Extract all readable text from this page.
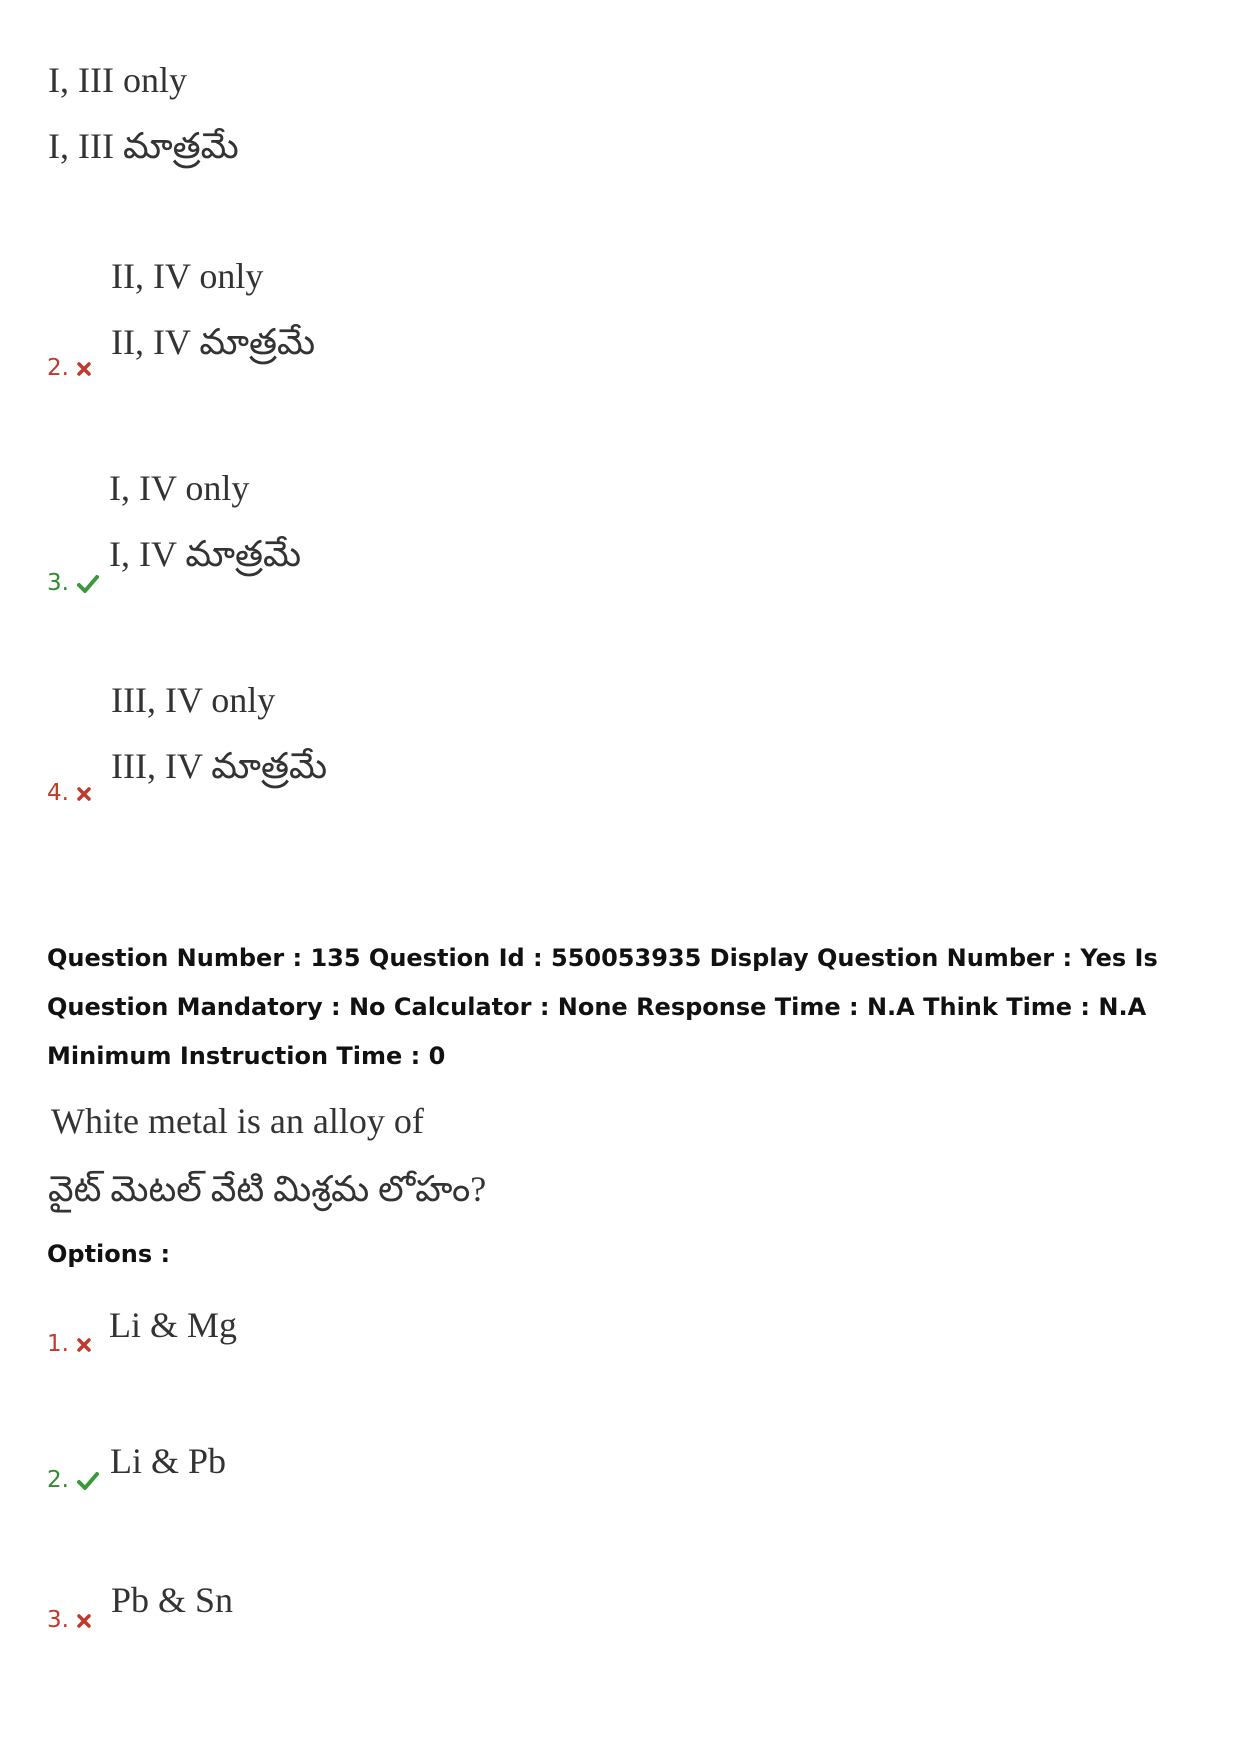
I, III only
I, III మాత్రమే
II, IV only
II, IV మాత్రమే
2.
I, IV only
I, IV మాత్రమే
3.
III, IV only
III, IV మాత్రమే
4.
Question Number : 135 Question Id : 550053935 Display Question Number : Yes Is Question Mandatory : No Calculator : None Response Time : N.A Think Time : N.A Minimum Instruction Time : 0
White metal is an alloy of
వైట్ మెటల్ వేటి మిశ్రమ లోహం?
Options :
Li & Mg
1.
Li & Pb
2.
Pb & Sn
3.
